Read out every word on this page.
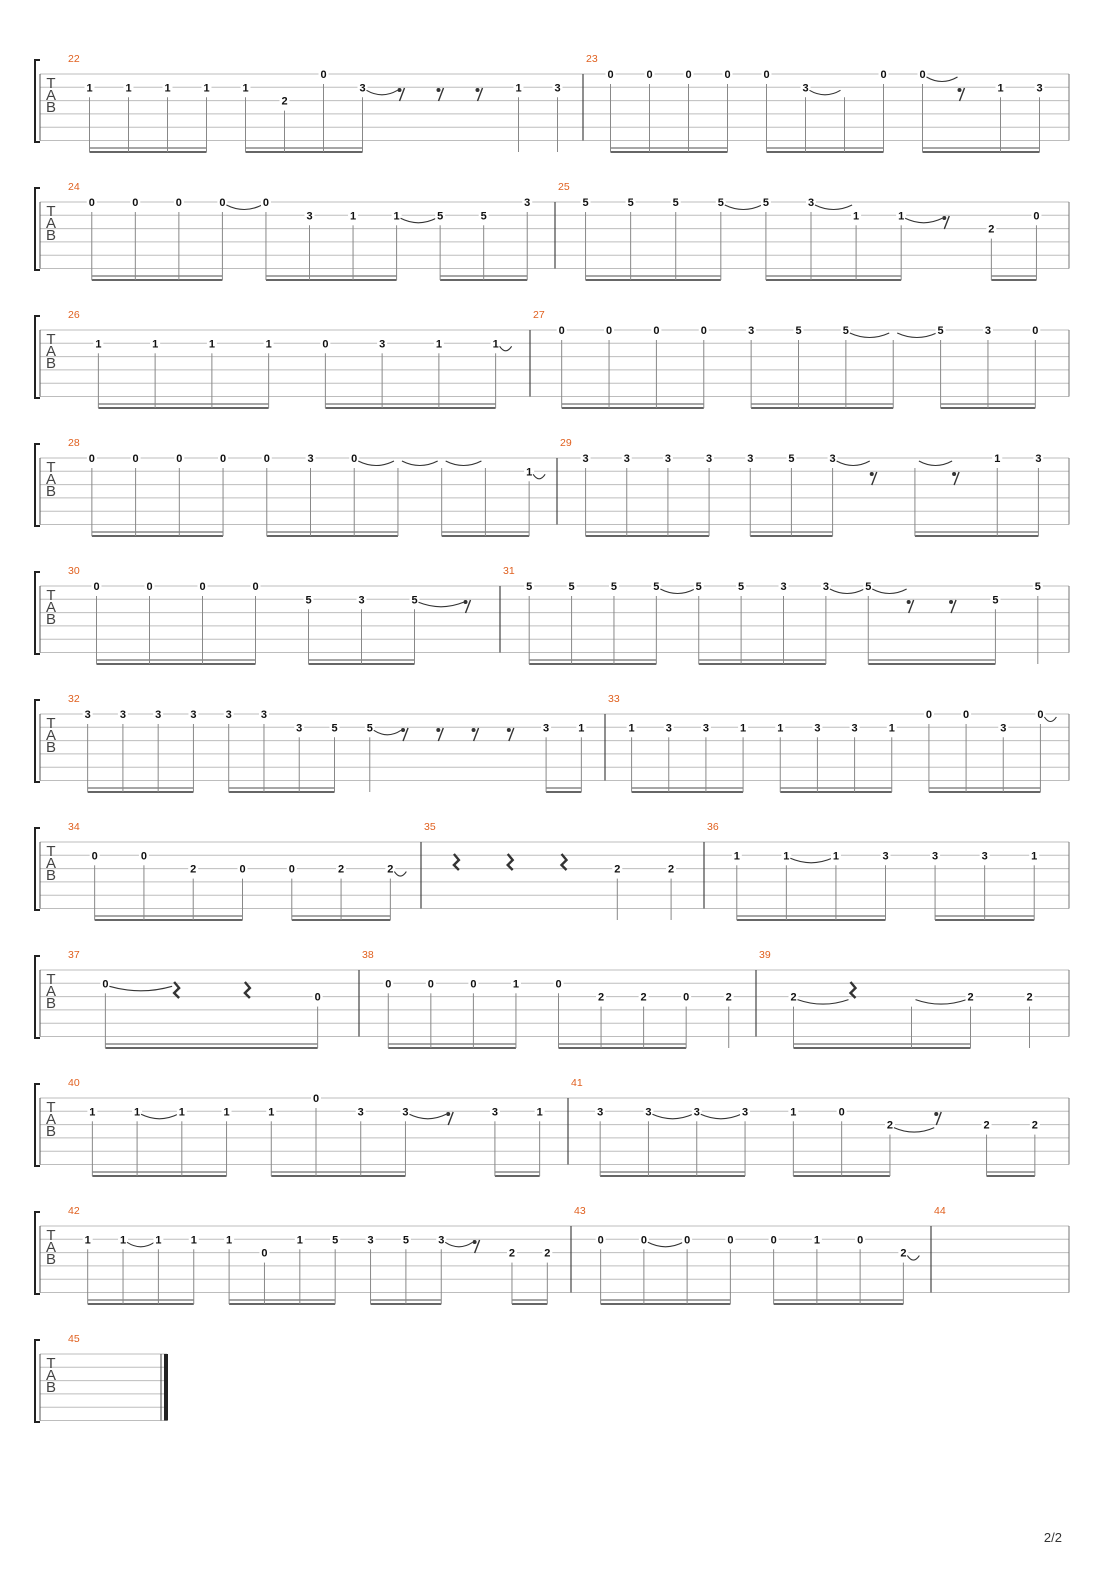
T
A
B
22
1	1	1	1	1
2
0
3	1	3
23
0	0	0	0	0
3
0	0
1	3
T
A
B
24
0	0	0	0	0
3	1	1	5	5
3
25
5	5	5	5	5	3
1	1
2
0
T
A
B
26
1	1	1	1	0	3	1	1
27
0	0	0	0	3	5	5	5	3	0
T
A
B
28
0	0	0	0	0	3	0
1
29
3	3	3	3	3	5	3	1	3
T
A
B
30
0	0	0	0
5	3	5
31
5	5	5	5	5	5	3	3	5
5
5
T
A
B
32
3	3	3	3	3	3
3	5	5	3	1
33
1	3	3	1	1	3	3	1
0	0
3
0
T
A
B
34
0	0
2	0	0	2	2
35
2	2
36
1	1	1	3	3	3	1
T
A
B
37
0
0
38
0	0	0	1	0
2	2	0	2
39
2	2	2
T
A
B
40
1	1	1	1	1
0
3	3	3	1
41
3	3	3	3	1	0
2	2	2
T
A
B
42
1	1	1	1	1
0
1	5	3	5	3
2	2
43
0	0	0	0	0	1	0
2
44
T
A
B
45
2/2
